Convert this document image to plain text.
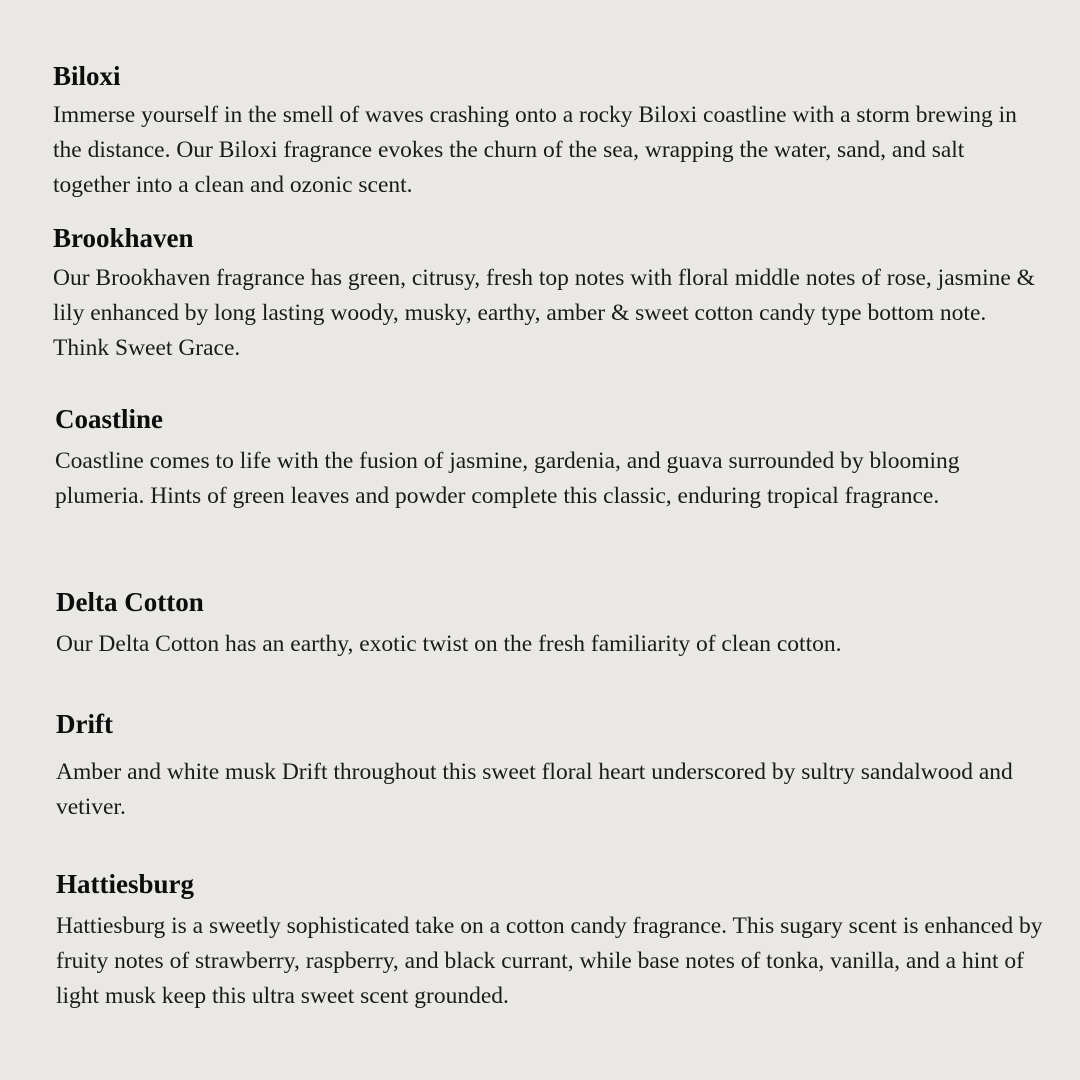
Biloxi

Immerse yourself in the smell of waves crashing onto a rocky Biloxi coastline with a storm brewing in the distance. Our Biloxi fragrance evokes the churn of the sea, wrapping the water, sand, and salt together into a clean and ozonic scent.

Brookhaven

Our Brookhaven fragrance has green, citrusy, fresh top notes with floral middle notes of rose, jasmine & lily enhanced by long lasting woody, musky, earthy, amber & sweet cotton candy type bottom note. Think Sweet Grace.

Coastline

Coastline comes to life with the fusion of jasmine, gardenia, and guava surrounded by blooming plumeria. Hints of green leaves and powder complete this classic, enduring tropical fragrance.

Delta Cotton

Our Delta Cotton has an earthy, exotic twist on the fresh familiarity of clean cotton.

Drift

Amber and white musk Drift throughout this sweet floral heart underscored by sultry sandalwood and vetiver.

Hattiesburg

Hattiesburg is a sweetly sophisticated take on a cotton candy fragrance. This sugary scent is enhanced by fruity notes of strawberry, raspberry, and black currant, while base notes of tonka, vanilla, and a hint of light musk keep this ultra sweet scent grounded.
